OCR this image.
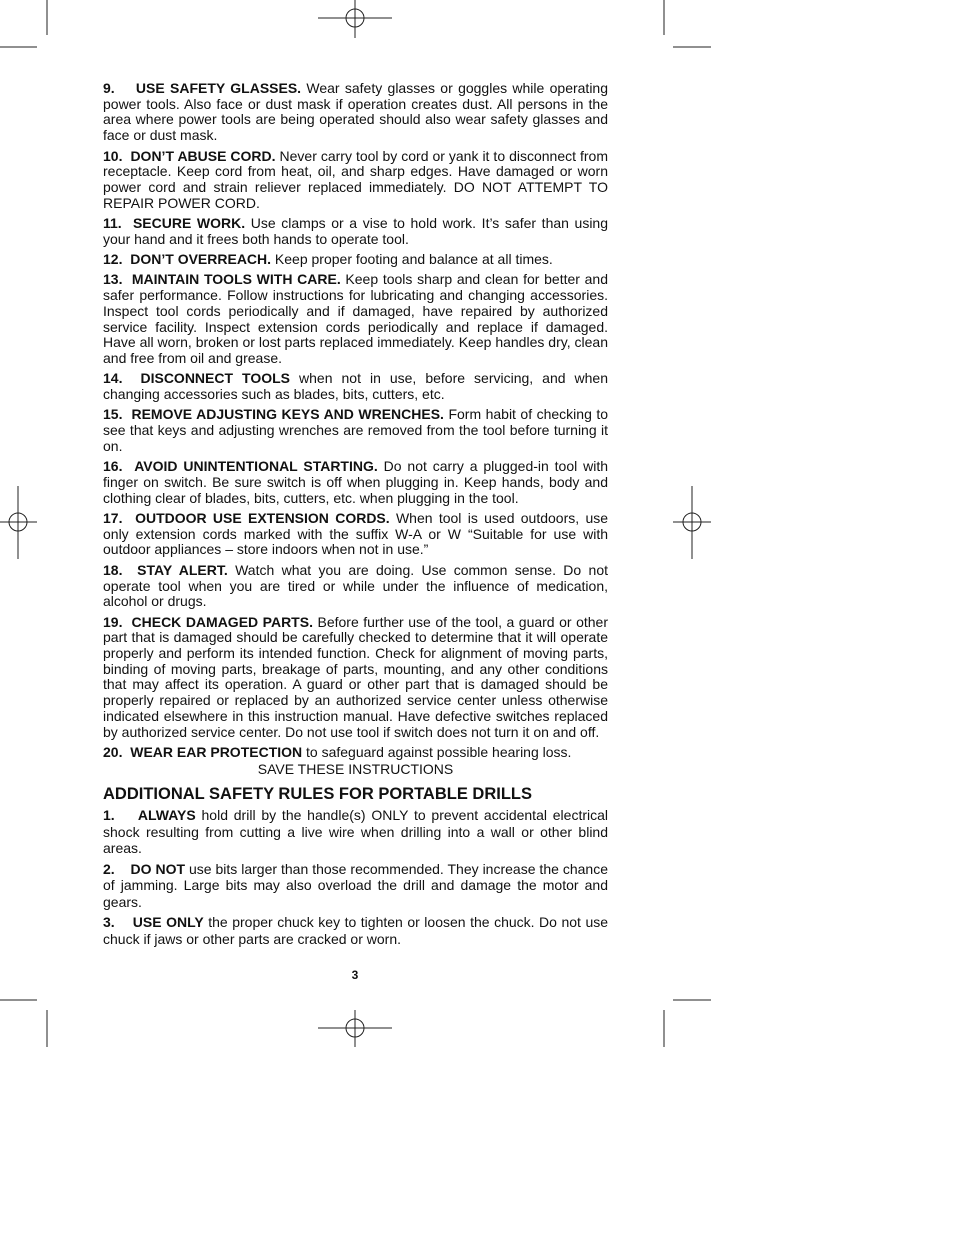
9. USE SAFETY GLASSES. Wear safety glasses or goggles while operating power tools. Also face or dust mask if operation creates dust. All persons in the area where power tools are being operated should also wear safety glasses and face or dust mask.

10. DON’T ABUSE CORD. Never carry tool by cord or yank it to disconnect from receptacle. Keep cord from heat, oil, and sharp edges. Have damaged or worn power cord and strain reliever replaced immediately. DO NOT ATTEMPT TO REPAIR POWER CORD.

11. SECURE WORK. Use clamps or a vise to hold work. It’s safer than using your hand and it frees both hands to operate tool.

12. DON’T OVERREACH. Keep proper footing and balance at all times.

13. MAINTAIN TOOLS WITH CARE. Keep tools sharp and clean for better and safer performance. Follow instructions for lubricating and changing accessories. Inspect tool cords periodically and if damaged, have repaired by authorized service facility. Inspect extension cords periodically and replace if damaged. Have all worn, broken or lost parts replaced immediately. Keep handles dry, clean and free from oil and grease.

14. DISCONNECT TOOLS when not in use, before servicing, and when changing accessories such as blades, bits, cutters, etc.

15. REMOVE ADJUSTING KEYS AND WRENCHES. Form habit of checking to see that keys and adjusting wrenches are removed from the tool before turning it on.

16. AVOID UNINTENTIONAL STARTING. Do not carry a plugged-in tool with finger on switch. Be sure switch is off when plugging in. Keep hands, body and clothing clear of blades, bits, cutters, etc. when plugging in the tool.

17. OUTDOOR USE EXTENSION CORDS. When tool is used outdoors, use only extension cords marked with the suffix W-A or W “Suitable for use with outdoor appliances – store indoors when not in use.”

18. STAY ALERT. Watch what you are doing. Use common sense. Do not operate tool when you are tired or while under the influence of medication, alcohol or drugs.

19. CHECK DAMAGED PARTS. Before further use of the tool, a guard or other part that is damaged should be carefully checked to determine that it will operate properly and perform its intended function. Check for alignment of moving parts, binding of moving parts, breakage of parts, mounting, and any other conditions that may affect its operation. A guard or other part that is damaged should be properly repaired or replaced by an authorized service center unless otherwise indicated elsewhere in this instruction manual. Have defective switches replaced by authorized service center. Do not use tool if switch does not turn it on and off.

20. WEAR EAR PROTECTION to safeguard against possible hearing loss.

SAVE THESE INSTRUCTIONS

ADDITIONAL SAFETY RULES FOR PORTABLE DRILLS

1. ALWAYS hold drill by the handle(s) ONLY to prevent accidental electrical shock resulting from cutting a live wire when drilling into a wall or other blind areas.

2. DO NOT use bits larger than those recommended. They increase the chance of jamming. Large bits may also overload the drill and damage the motor and gears.

3. USE ONLY the proper chuck key to tighten or loosen the chuck. Do not use chuck if jaws or other parts are cracked or worn.

3
